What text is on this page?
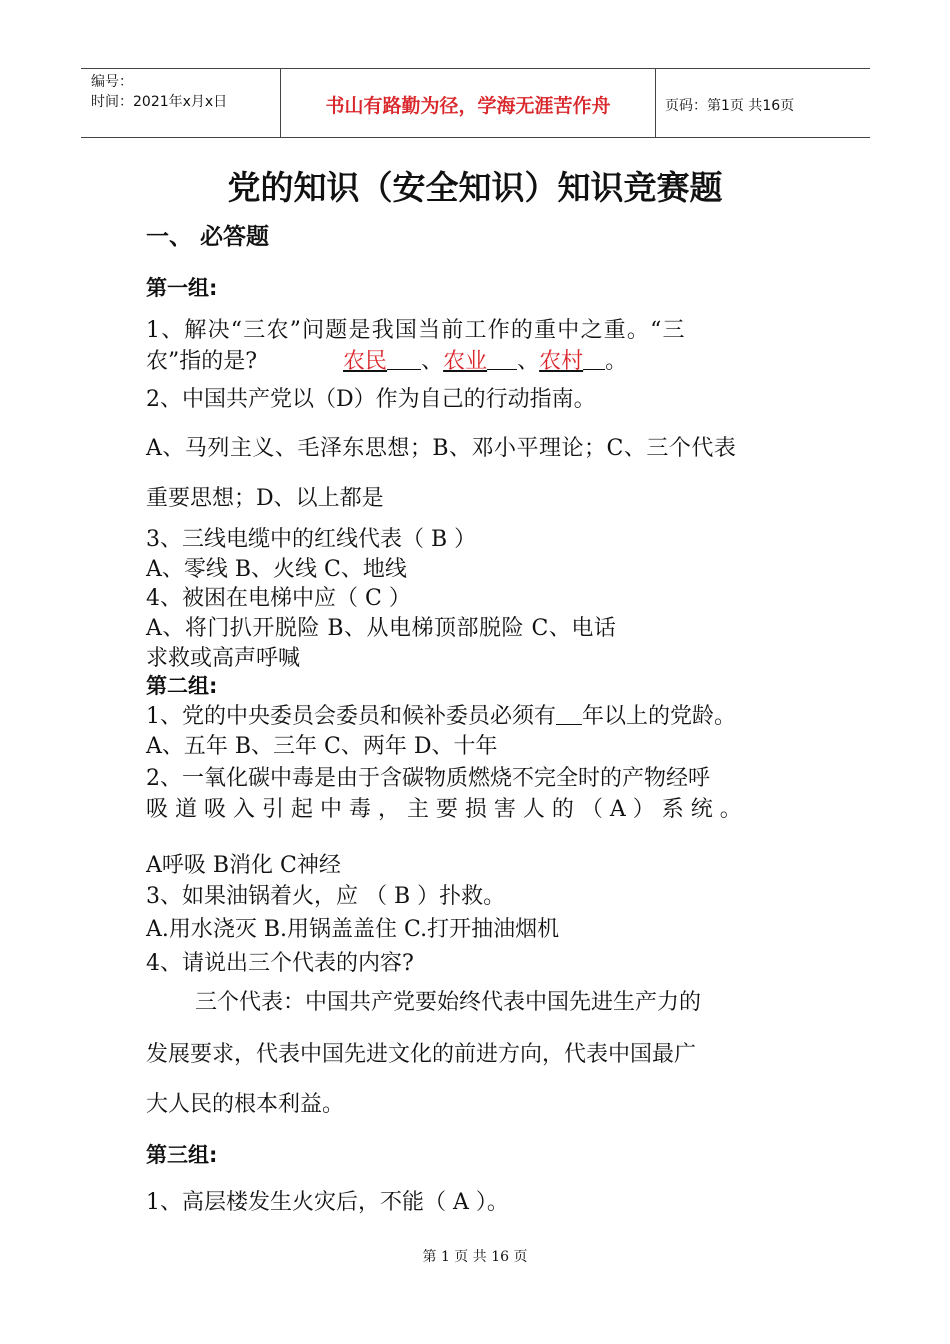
编号：
时间：2021年x月x日	书山有路勤为径，学海无涯苦作舟	页码：第1页 共16页
党的知识（安全知识）知识竞赛题
一、 必答题
第一组:
1、解决“三农”问题是我国当前工作的重中之重。“三
农”指的是?	农民 、农业 、农村 。
2、中国共产党以（D）作为自己的行动指南。
A、马列主义、毛泽东思想；B、邓小平理论；C、三个代表
重要思想；D、以上都是
3、三线电缆中的红线代表（ B ）
A、零线 B、火线 C、地线
4、被困在电梯中应（ C ）
A、将门扒开脱险 B、从电梯顶部脱险 C、电话
求救或高声呼喊
第二组:
1、党的中央委员会委员和候补委员必须有 年以上的党龄。
A、五年 B、三年 C、两年 D、十年
2、一氧化碳中毒是由于含碳物质燃烧不完全时的产物经呼
吸 道 吸 入 引 起 中 毒 ， 主 要 损 害 人 的 （ A ） 系 统 。
A呼吸 B消化 C神经
3、如果油锅着火，应 （ B ）扑救。
A.用水浇灭 B.用锅盖盖住 C.打开抽油烟机
4、请说出三个代表的内容?
三个代表：中国共产党要始终代表中国先进生产力的
发展要求，代表中国先进文化的前进方向，代表中国最广
大人民的根本利益。
第三组:
1、高层楼发生火灾后，不能（ A ）。
第 1 页 共 16 页
